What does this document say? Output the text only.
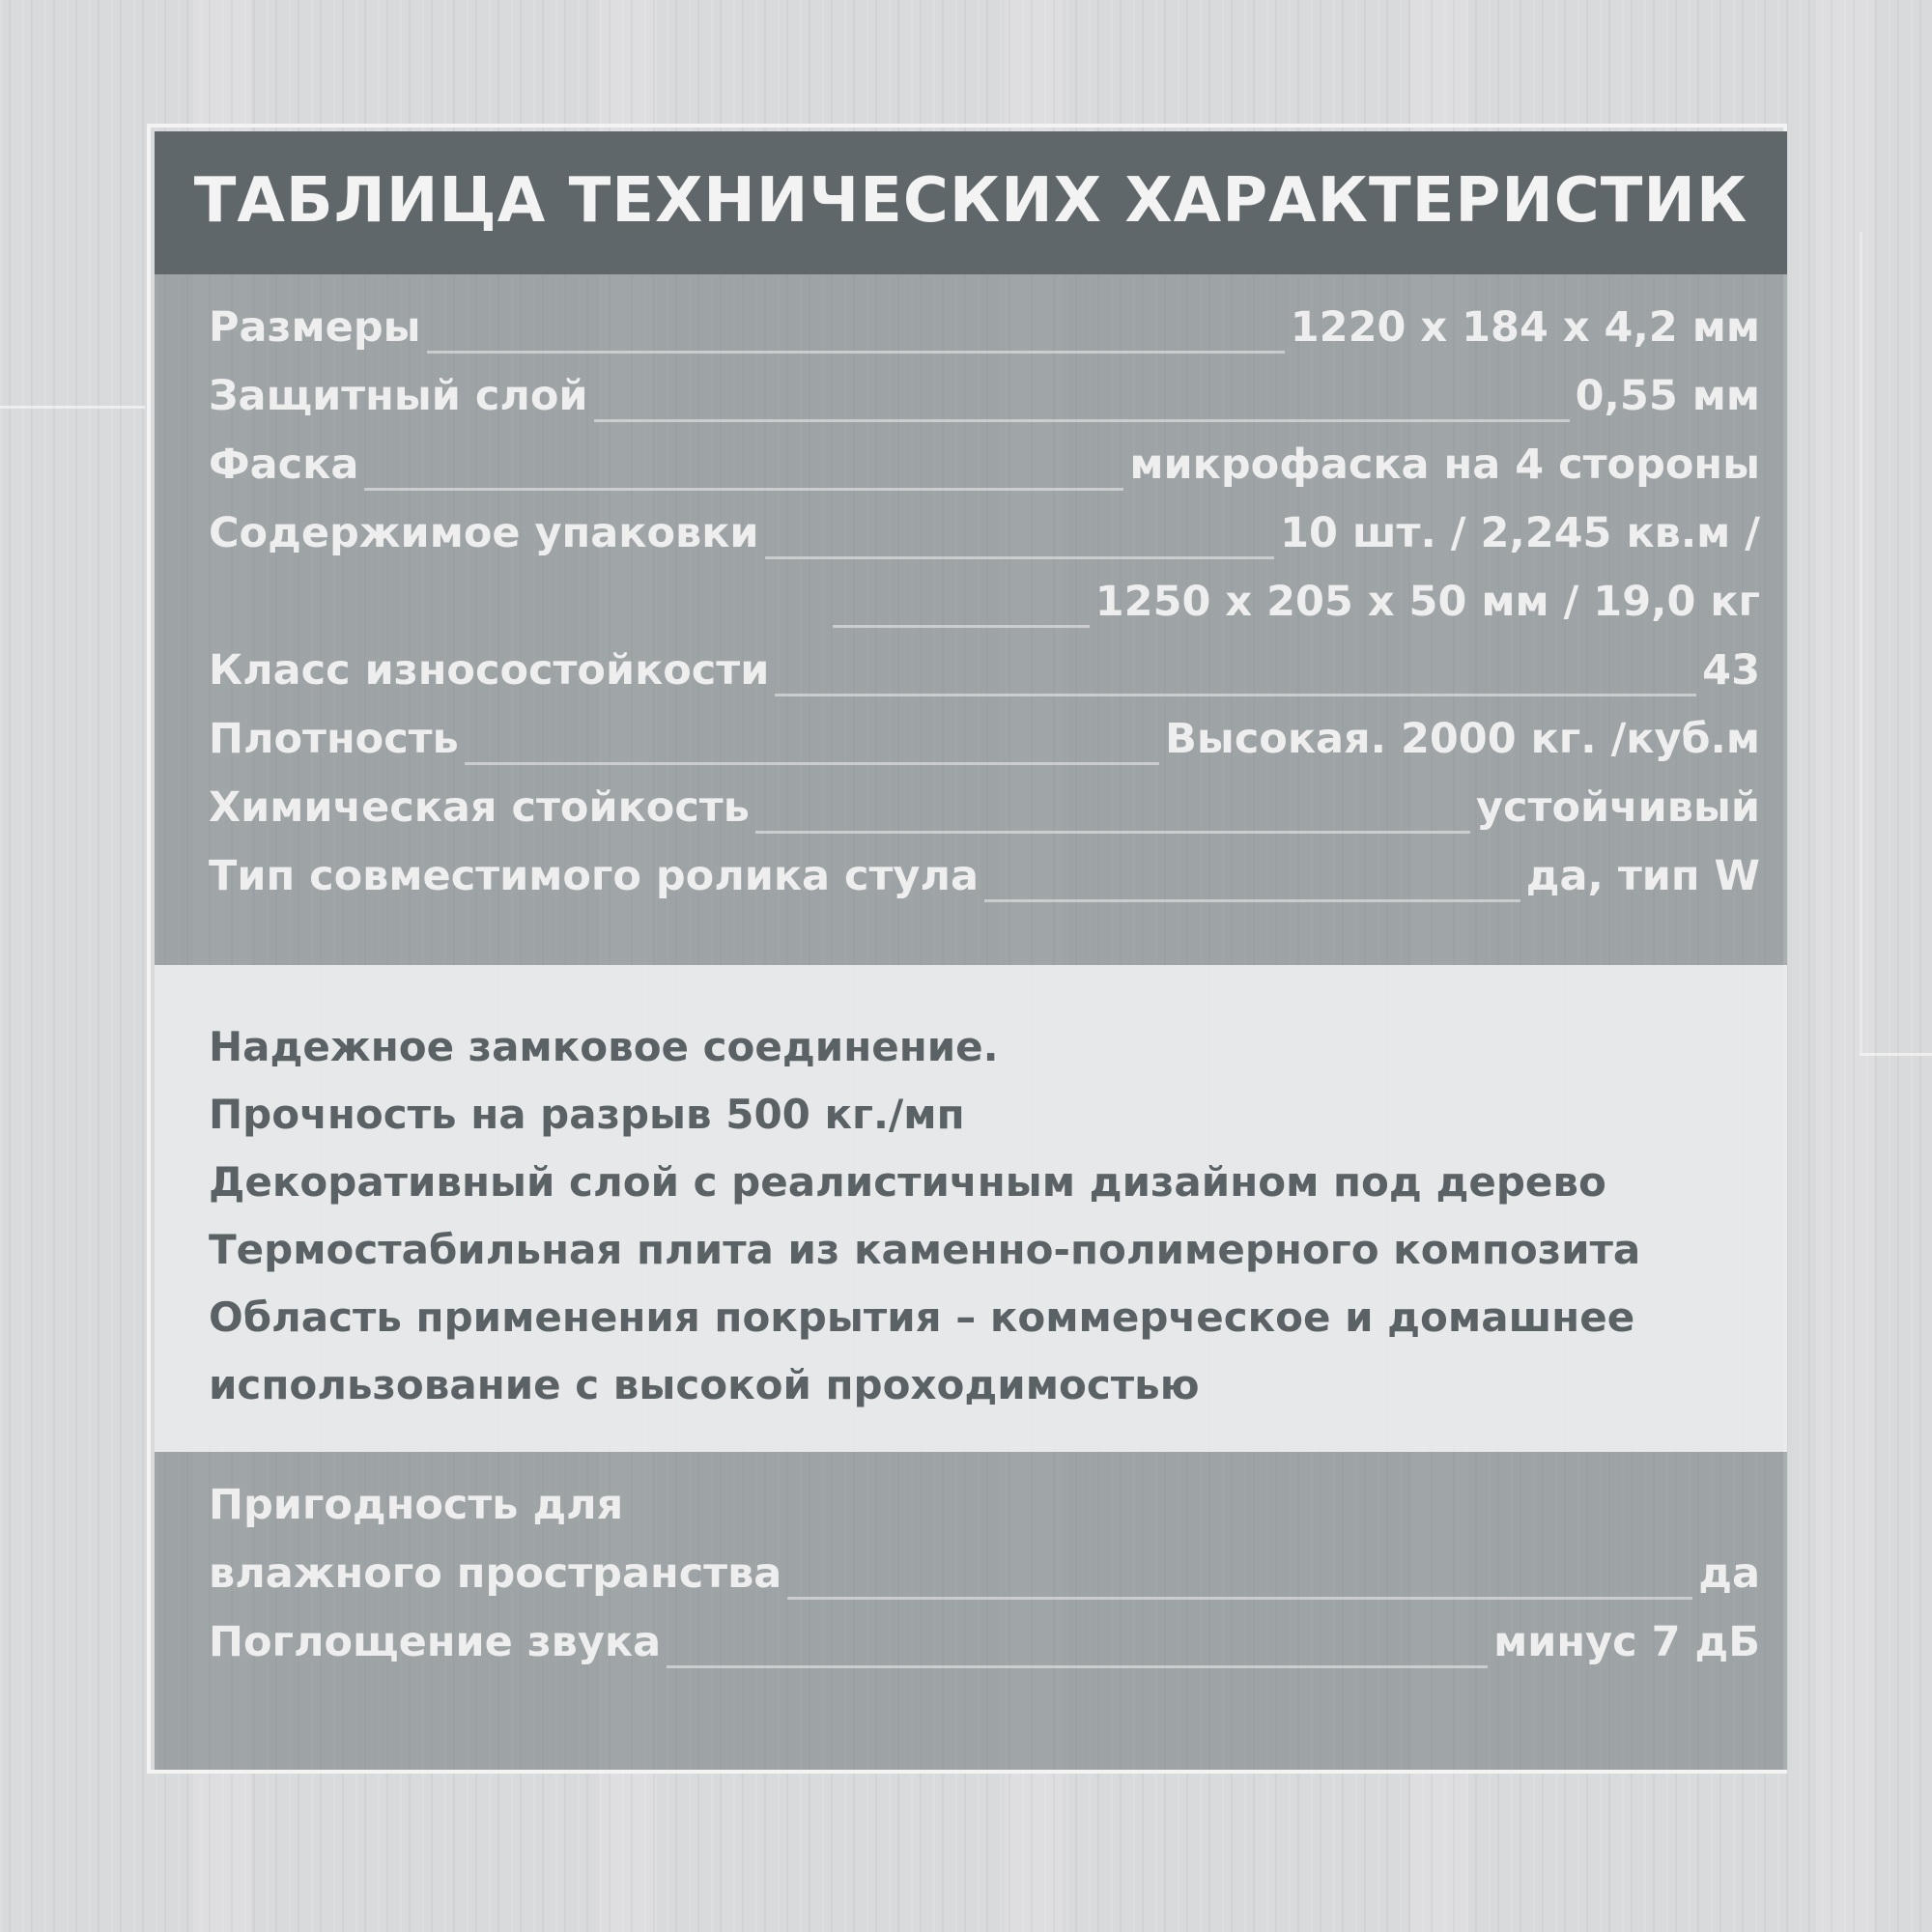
ТАБЛИЦА ТЕХНИЧЕСКИХ ХАРАКТЕРИСТИК
Размеры	1220 x 184 x 4,2 мм
Защитный слой	0,55 мм
Фаска	микрофаска на 4 стороны
Содержимое упаковки	10 шт. / 2,245 кв.м /
1250 x 205 x 50 мм / 19,0 кг
Класс износостойкости	43
Плотность	Высокая. 2000 кг. /куб.м
Химическая стойкость	устойчивый
Тип совместимого ролика стула	да, тип W
Надежное замковое соединение.
Прочность на разрыв 500 кг./мп
Декоративный слой с реалистичным дизайном под дерево
Термостабильная плита из каменно-полимерного композита
Область применения покрытия – коммерческое и домашнее
использование с высокой проходимостью
Пригодность для
влажного пространства	да
Поглощение звука	минус 7 дБ
